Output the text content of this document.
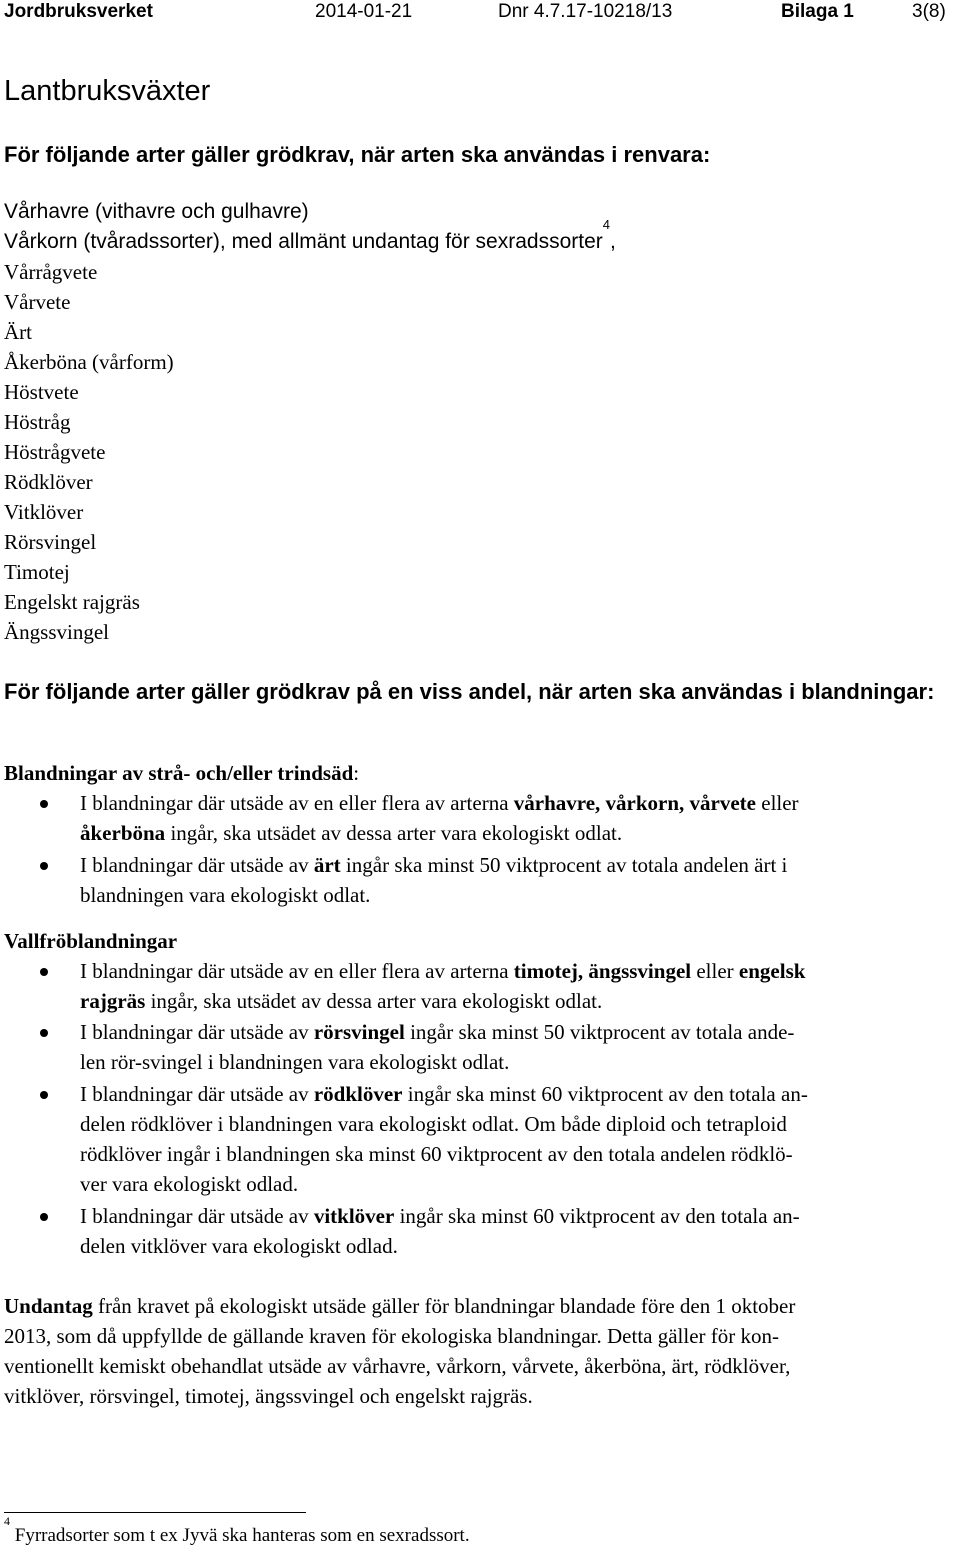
Jordbruksverket	2014-01-21	Dnr 4.7.17-10218/13	Bilaga 1	3(8)
Lantbruksväxter
För följande arter gäller grödkrav, när arten ska användas i renvara:
Vårhavre (vithavre och gulhavre)
Vårkorn (tvåradssorter), med allmänt undantag för sexradssorter$^4$,
Vårrågvete
Vårvete
Ärt
Åkerböna (vårform)
Höstvete
Höstråg
Höstrågvete
Rödklöver
Vitklöver
Rörsvingel
Timotej
Engelskt rajgräs
Ängssvingel
För följande arter gäller grödkrav på en viss andel, när arten ska användas i blandningar:
Blandningar av strå- och/eller trindsäd:
I blandningar där utsäde av en eller flera av arterna vårhavre, vårkorn, vårvete eller
åkerböna ingår, ska utsädet av dessa arter vara ekologiskt odlat.
I blandningar där utsäde av ärt ingår ska minst 50 viktprocent av totala andelen ärt i
blandningen vara ekologiskt odlat.
Vallfröblandningar
I blandningar där utsäde av en eller flera av arterna timotej, ängssvingel eller engelsk
rajgräs ingår, ska utsädet av dessa arter vara ekologiskt odlat.
I blandningar där utsäde av rörsvingel ingår ska minst 50 viktprocent av totala ande-
len rör-svingel i blandningen vara ekologiskt odlat.
I blandningar där utsäde av rödklöver ingår ska minst 60 viktprocent av den totala an-
delen rödklöver i blandningen vara ekologiskt odlat. Om både diploid och tetraploid
rödklöver ingår i blandningen ska minst 60 viktprocent av den totala andelen rödklö-
ver vara ekologiskt odlad.
I blandningar där utsäde av vitklöver ingår ska minst 60 viktprocent av den totala an-
delen vitklöver vara ekologiskt odlad.
Undantag från kravet på ekologiskt utsäde gäller för blandningar blandade före den 1 oktober
2013, som då uppfyllde de gällande kraven för ekologiska blandningar. Detta gäller för kon-
ventionellt kemiskt obehandlat utsäde av vårhavre, vårkorn, vårvete, åkerböna, ärt, rödklöver,
vitklöver, rörsvingel, timotej, ängssvingel och engelskt rajgräs.
$^4$ Fyrradsorter som t ex Jyvä ska hanteras som en sexradssort.
